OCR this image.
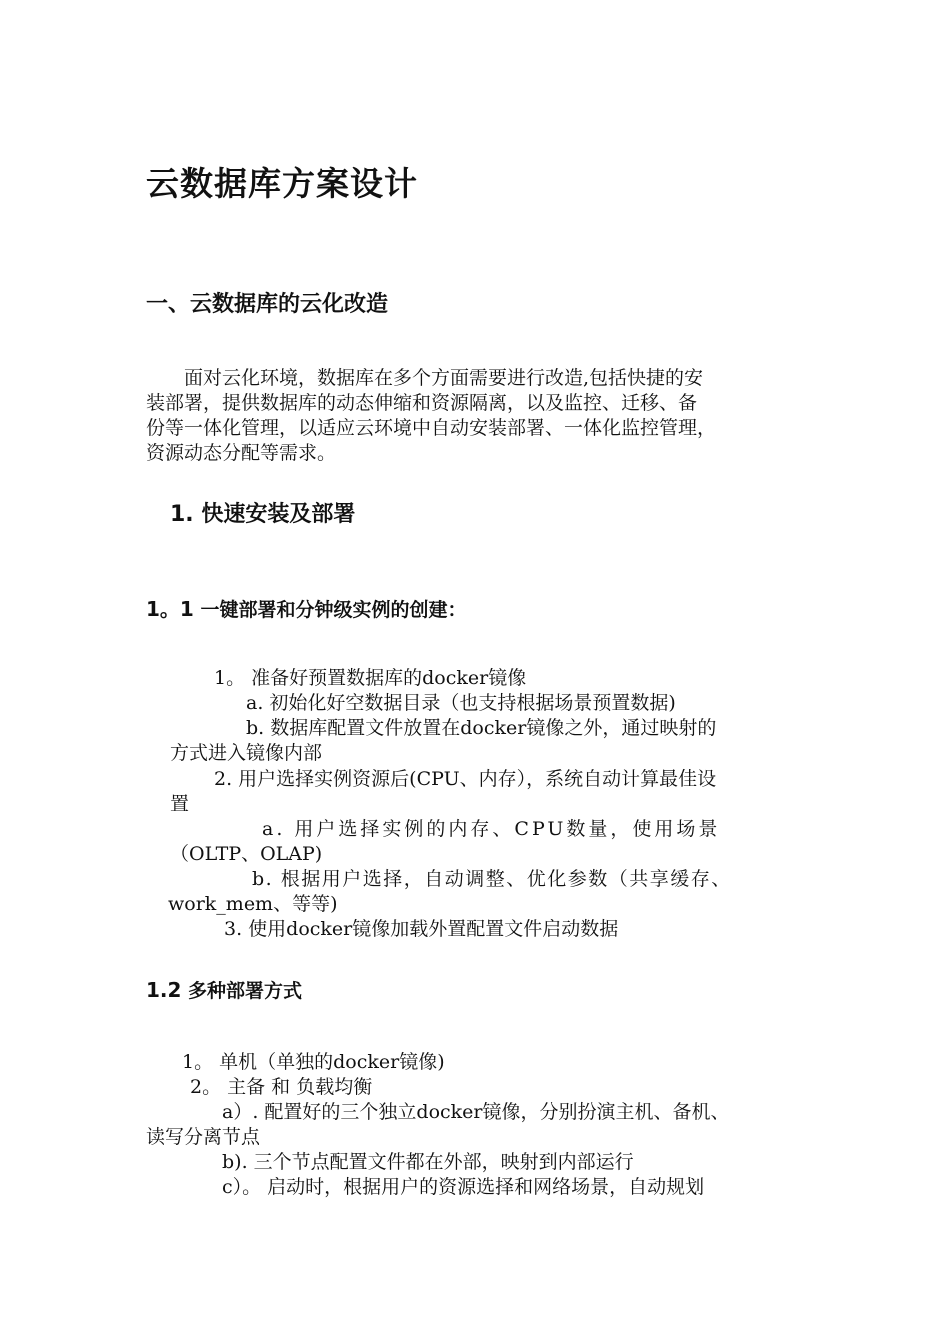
云数据库方案设计
一、云数据库的云化改造
　　面对云化环境，数据库在多个方面需要进行改造,包括快捷的安
装部署，提供数据库的动态伸缩和资源隔离，以及监控、迁移、备
份等一体化管理，以适应云环境中自动安装部署、一体化监控管理，
资源动态分配等需求。
1. 快速安装及部署
1。1 一键部署和分钟级实例的创建：
1。 准备好预置数据库的docker镜像
a. 初始化好空数据目录（也支持根据场景预置数据)
b. 数据库配置文件放置在docker镜像之外，通过映射的
方式进入镜像内部
2. 用户选择实例资源后(CPU、内存），系统自动计算最佳设
置
a. 用户选择实例的内存、CPU数量，使用场景
（OLTP、OLAP)
b. 根据用户选择，自动调整、优化参数（共享缓存、
work_mem、等等)
3. 使用docker镜像加载外置配置文件启动数据
1.2 多种部署方式
1。 单机（单独的docker镜像)
2。 主备 和 负载均衡
a）. 配置好的三个独立docker镜像，分别扮演主机、备机、
读写分离节点
b). 三个节点配置文件都在外部，映射到内部运行
c）。 启动时，根据用户的资源选择和网络场景，自动规划
